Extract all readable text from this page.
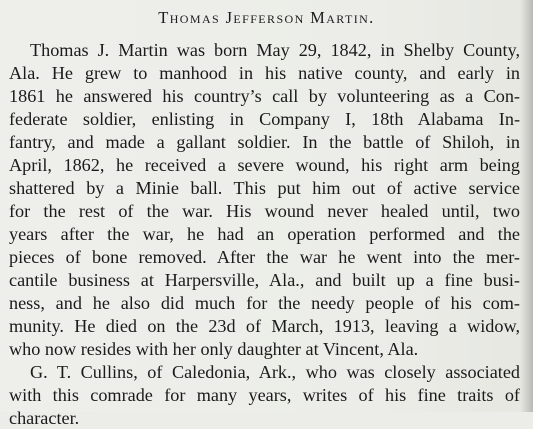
Thomas Jefferson Martin.
Thomas J. Martin was born May 29, 1842, in Shelby County,
Ala. He grew to manhood in his native county, and early in
1861 he answered his country’s call by volunteering as a Con-
federate soldier, enlisting in Company I, 18th Alabama In-
fantry, and made a gallant soldier. In the battle of Shiloh, in
April, 1862, he received a severe wound, his right arm being
shattered by a Minie ball. This put him out of active service
for the rest of the war. His wound never healed until, two
years after the war, he had an operation performed and the
pieces of bone removed. After the war he went into the mer-
cantile business at Harpersville, Ala., and built up a fine busi-
ness, and he also did much for the needy people of his com-
munity. He died on the 23d of March, 1913, leaving a widow,
who now resides with her only daughter at Vincent, Ala.
G. T. Cullins, of Caledonia, Ark., who was closely associated
with this comrade for many years, writes of his fine traits of
character.
